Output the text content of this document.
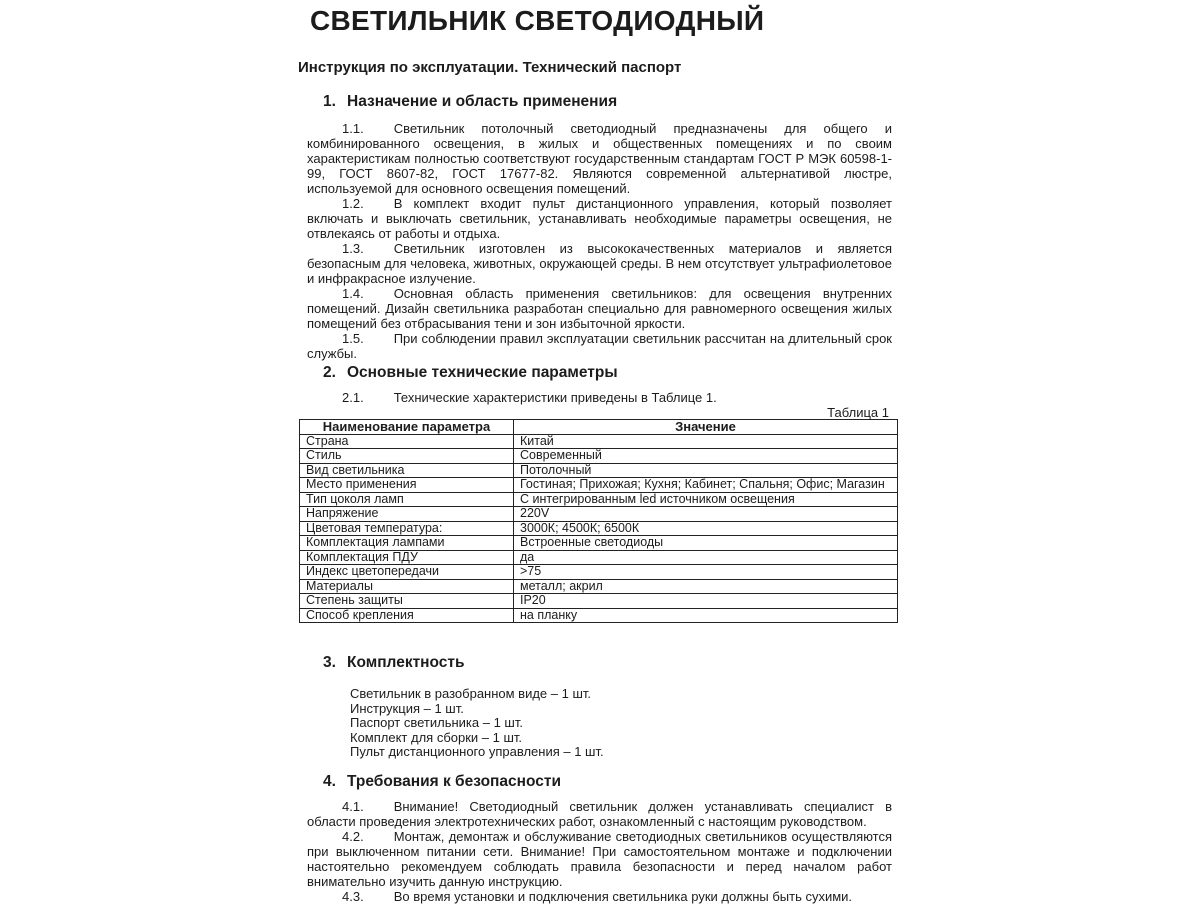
СВЕТИЛЬНИК СВЕТОДИОДНЫЙ

Инструкция по эксплуатации. Технический паспорт

1. Назначение и область применения

1.1. Светильник потолочный светодиодный предназначены для общего и комбинированного освещения, в жилых и общественных помещениях и по своим характеристикам полностью соответствуют государственным стандартам ГОСТ Р МЭК 60598-1-99, ГОСТ 8607-82, ГОСТ 17677-82. Являются современной альтернативой люстре, используемой для основного освещения помещений.

1.2. В комплект входит пульт дистанционного управления, который позволяет включать и выключать светильник, устанавливать необходимые параметры освещения, не отвлекаясь от работы и отдыха.

1.3. Светильник изготовлен из высококачественных материалов и является безопасным для человека, животных, окружающей среды. В нем отсутствует ультрафиолетовое и инфракрасное излучение.

1.4. Основная область применения светильников: для освещения внутренних помещений. Дизайн светильника разработан специально для равномерного освещения жилых помещений без отбрасывания тени и зон избыточной яркости.

1.5. При соблюдении правил эксплуатации светильник рассчитан на длительный срок службы.

2. Основные технические параметры

2.1. Технические характеристики приведены в Таблице 1.

Таблица 1

Наименование параметра	Значение
Страна	Китай
Стиль	Современный
Вид светильника	Потолочный
Место применения	Гостиная; Прихожая; Кухня; Кабинет; Спальня; Офис; Магазин
Тип цоколя ламп	С интегрированным led источником освещения
Напряжение	220V
Цветовая температура:	3000К; 4500К; 6500К
Комплектация лампами	Встроенные светодиоды
Комплектация ПДУ	да
Индекс цветопередачи	>75
Материалы	металл; акрил
Степень защиты	IP20
Способ крепления	на планку
3. Комплектность
Светильник в разобранном виде – 1 шт.
Инструкция – 1 шт.
Паспорт светильника – 1 шт.
Комплект для сборки – 1 шт.
Пульт дистанционного управления – 1 шт.
4. Требования к безопасности

4.1. Внимание! Светодиодный светильник должен устанавливать специалист в области проведения электротехнических работ, ознакомленный с настоящим руководством.

4.2. Монтаж, демонтаж и обслуживание светодиодных светильников осуществляются при выключенном питании сети. Внимание! При самостоятельном монтаже и подключении настоятельно рекомендуем соблюдать правила безопасности и перед началом работ внимательно изучить данную инструкцию.

4.3. Во время установки и подключения светильника руки должны быть сухими.
